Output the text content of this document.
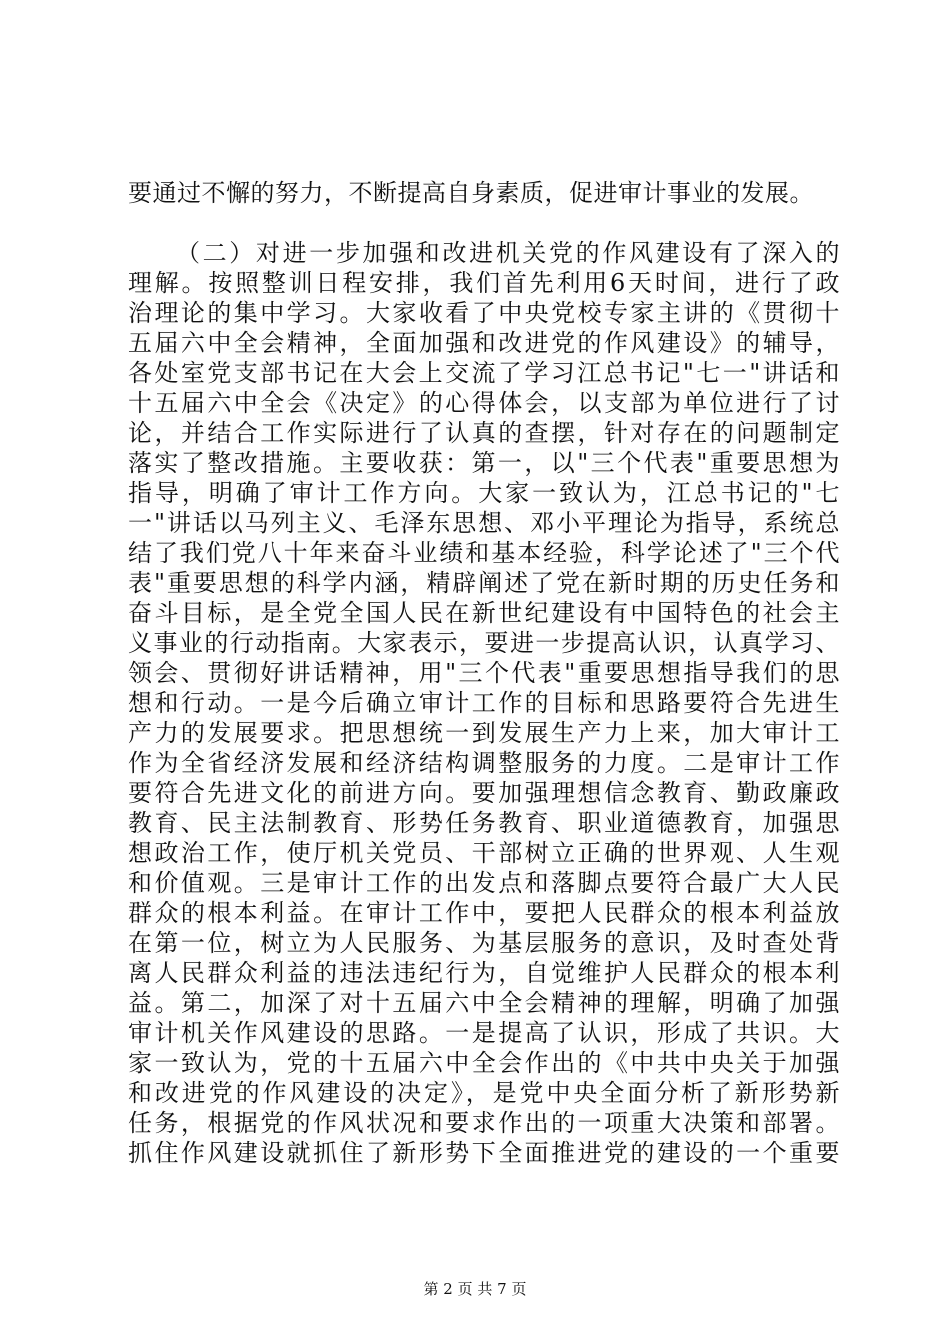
要通过不懈的努力，不断提高自身素质，促进审计事业的发展。
（二）对进一步加强和改进机关党的作风建设有了深入的
理解。按照整训日程安排，我们首先利用6天时间，进行了政
治理论的集中学习。大家收看了中央党校专家主讲的《贯彻十
五届六中全会精神，全面加强和改进党的作风建设》的辅导，
各处室党支部书记在大会上交流了学习江总书记"七一"讲话和
十五届六中全会《决定》的心得体会，以支部为单位进行了讨
论，并结合工作实际进行了认真的查摆，针对存在的问题制定
落实了整改措施。主要收获：第一，以"三个代表"重要思想为
指导，明确了审计工作方向。大家一致认为，江总书记的"七
一"讲话以马列主义、毛泽东思想、邓小平理论为指导，系统总
结了我们党八十年来奋斗业绩和基本经验，科学论述了"三个代
表"重要思想的科学内涵，精辟阐述了党在新时期的历史任务和
奋斗目标，是全党全国人民在新世纪建设有中国特色的社会主
义事业的行动指南。大家表示，要进一步提高认识，认真学习、
领会、贯彻好讲话精神，用"三个代表"重要思想指导我们的思
想和行动。一是今后确立审计工作的目标和思路要符合先进生
产力的发展要求。把思想统一到发展生产力上来，加大审计工
作为全省经济发展和经济结构调整服务的力度。二是审计工作
要符合先进文化的前进方向。要加强理想信念教育、勤政廉政
教育、民主法制教育、形势任务教育、职业道德教育，加强思
想政治工作，使厅机关党员、干部树立正确的世界观、人生观
和价值观。三是审计工作的出发点和落脚点要符合最广大人民
群众的根本利益。在审计工作中，要把人民群众的根本利益放
在第一位，树立为人民服务、为基层服务的意识，及时查处背
离人民群众利益的违法违纪行为，自觉维护人民群众的根本利
益。第二，加深了对十五届六中全会精神的理解，明确了加强
审计机关作风建设的思路。一是提高了认识，形成了共识。大
家一致认为，党的十五届六中全会作出的《中共中央关于加强
和改进党的作风建设的决定》，是党中央全面分析了新形势新
任务，根据党的作风状况和要求作出的一项重大决策和部署。
抓住作风建设就抓住了新形势下全面推进党的建设的一个重要
第 2 页 共 7 页
